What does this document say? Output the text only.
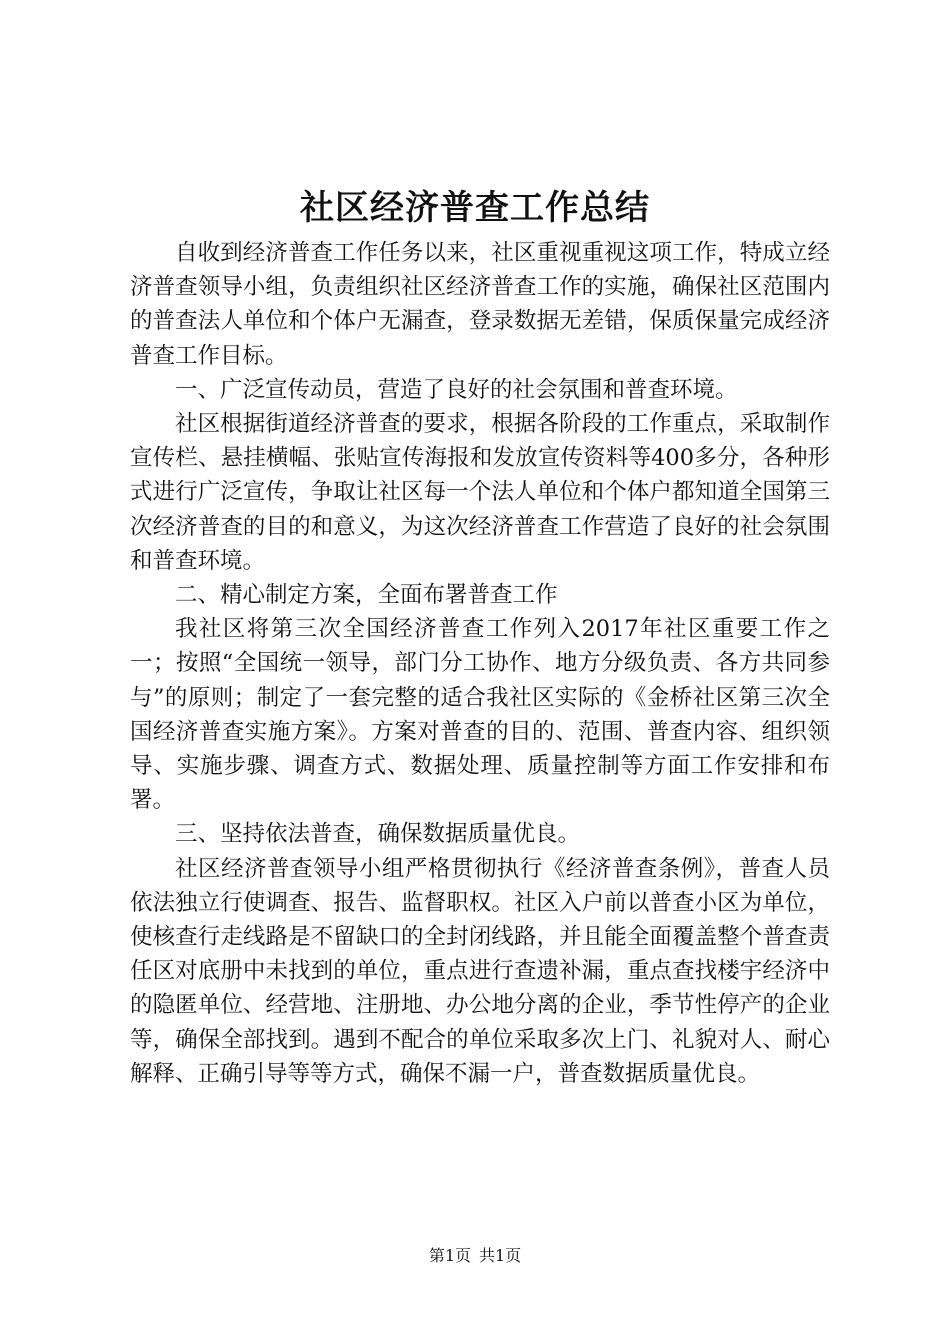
社区经济普查工作总结

自收到经济普查工作任务以来，社区重视重视这项工作，特成立经济普查领导小组，负责组织社区经济普查工作的实施，确保社区范围内的普查法人单位和个体户无漏查，登录数据无差错，保质保量完成经济普查工作目标。

一、广泛宣传动员，营造了良好的社会氛围和普查环境。

社区根据街道经济普查的要求，根据各阶段的工作重点，采取制作宣传栏、悬挂横幅、张贴宣传海报和发放宣传资料等400多分，各种形式进行广泛宣传，争取让社区每一个法人单位和个体户都知道全国第三次经济普查的目的和意义，为这次经济普查工作营造了良好的社会氛围和普查环境。

二、精心制定方案，全面布署普查工作

我社区将第三次全国经济普查工作列入2017年社区重要工作之一；按照“全国统一领导，部门分工协作、地方分级负责、各方共同参与”的原则；制定了一套完整的适合我社区实际的《金桥社区第三次全国经济普查实施方案》。方案对普查的目的、范围、普查内容、组织领导、实施步骤、调查方式、数据处理、质量控制等方面工作安排和布署。

三、坚持依法普查，确保数据质量优良。

社区经济普查领导小组严格贯彻执行《经济普查条例》，普查人员依法独立行使调查、报告、监督职权。社区入户前以普查小区为单位，使核查行走线路是不留缺口的全封闭线路，并且能全面覆盖整个普查责任区对底册中未找到的单位，重点进行查遗补漏，重点查找楼宇经济中的隐匿单位、经营地、注册地、办公地分离的企业，季节性停产的企业等，确保全部找到。遇到不配合的单位采取多次上门、礼貌对人、耐心解释、正确引导等等方式，确保不漏一户，普查数据质量优良。

第1页 共1页
